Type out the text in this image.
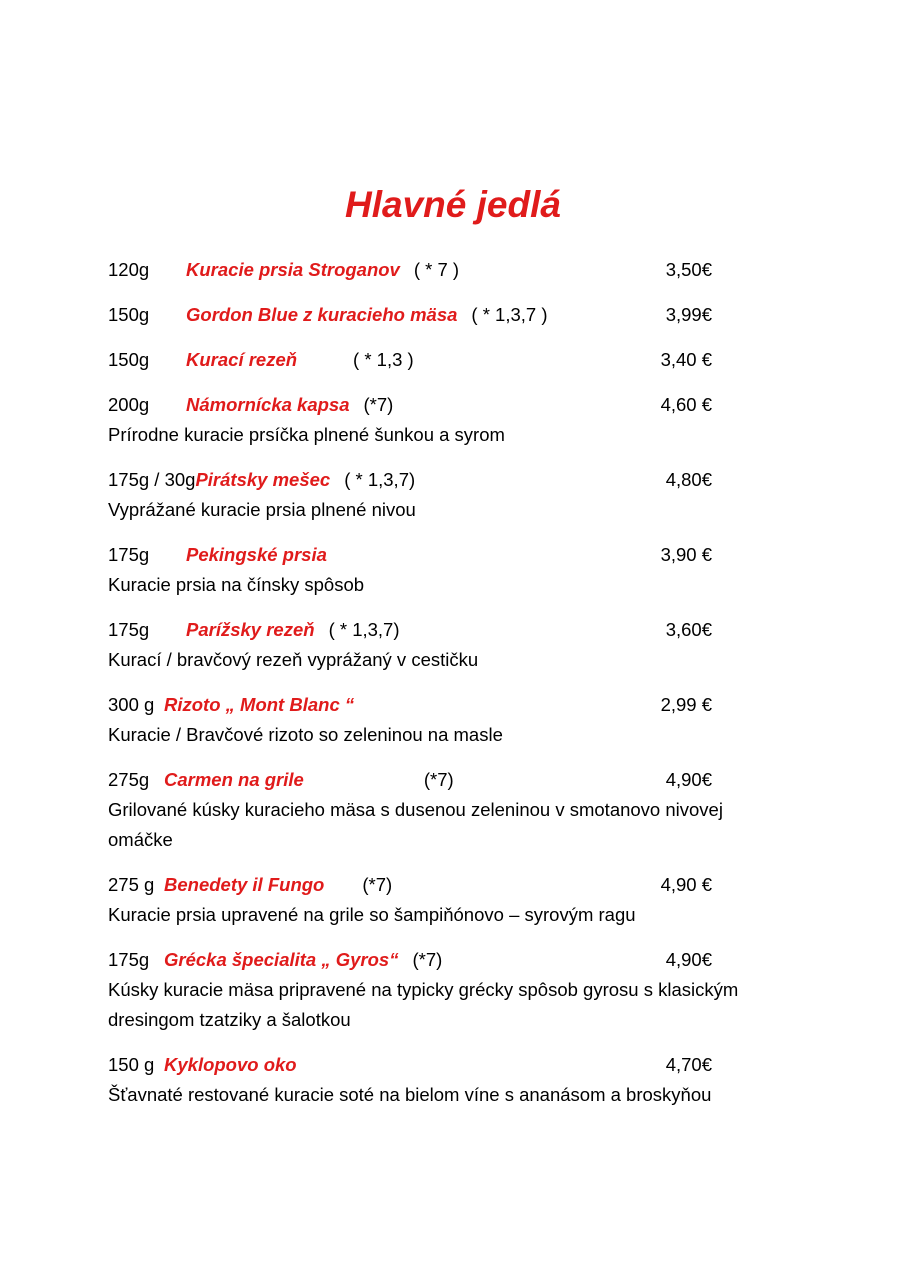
Hlavné jedlá
120g	Kuracie prsia Stroganov ( * 7 )	3,50€
150g	Gordon Blue z kuracieho mäsa ( * 1,3,7 )	3,99€
150g	Kurací rezeň	( * 1,3 )	3,40 €
200g	Námornícka kapsa (*7)	4,60 €
Prírodne kuracie prsíčka plnené šunkou a syrom
175g / 30g Pirátsky mešec ( * 1,3,7)	4,80€
Vyprážané kuracie prsia plnené nivou
175g	Pekingské prsia	3,90 €
Kuracie prsia na čínsky spôsob
175g	Parížsky rezeň ( * 1,3,7)	3,60€
Kurací / bravčový rezeň vyprážaný v cestičku
300 g Rizoto „ Mont Blanc “	2,99 €
Kuracie / Bravčové rizoto so zeleninou na masle
275g Carmen na grile	(*7)	4,90€
Grilované kúsky kuracieho mäsa s dusenou zeleninou v smotanovo nivovej omáčke
275 g Benedety il Fungo (*7)	4,90 €
Kuracie prsia upravené na grile so šampiňónovo – syrovým ragu
175g Grécka špecialita „ Gyros“ (*7)	4,90€
Kúsky kuracie mäsa pripravené na typicky grécky spôsob gyrosu s klasickým dresingom tzatziky a šalotkou
150 g Kyklopovo oko	4,70€
Šťavnaté restované kuracie soté na bielom víne s ananásom a broskyňou
